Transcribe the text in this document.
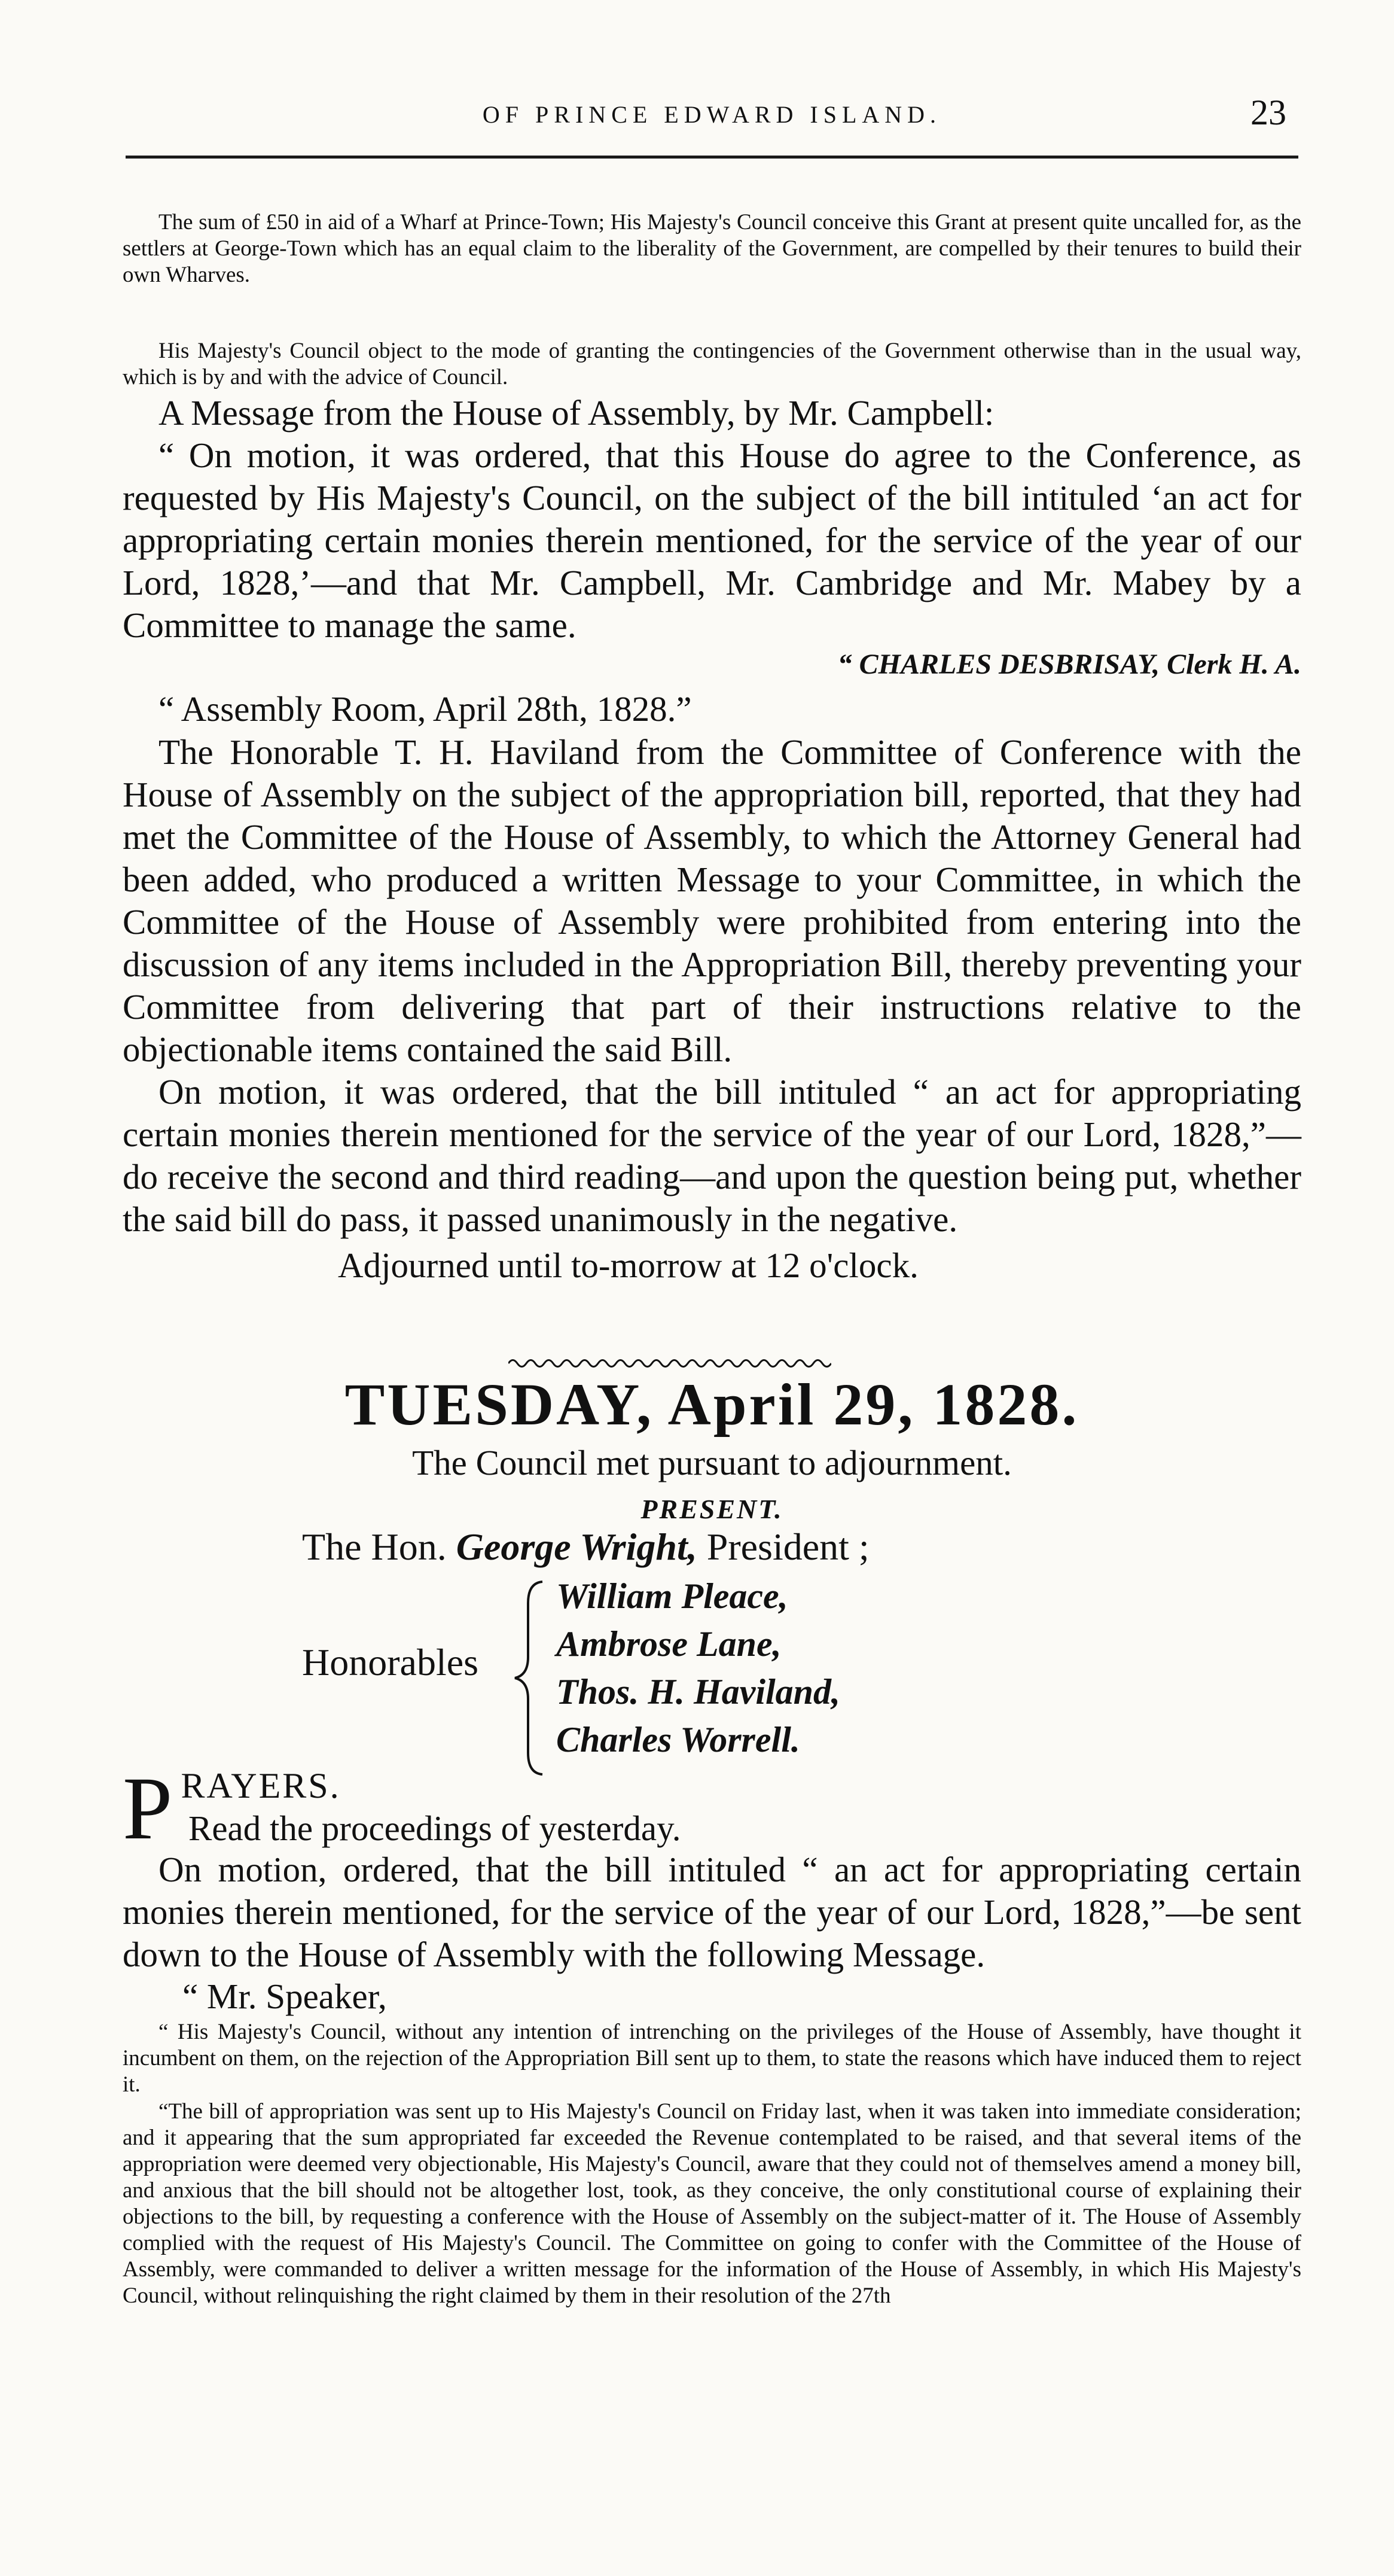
OF PRINCE EDWARD ISLAND.	23

The sum of £50 in aid of a Wharf at Prince-Town; His Majesty's Council conceive this Grant at present quite uncalled for, as the settlers at George-Town which has an equal claim to the liberality of the Government, are compelled by their tenures to build their own Wharves.

His Majesty's Council object to the mode of granting the contingencies of the Government otherwise than in the usual way, which is by and with the advice of Council.

A Message from the House of Assembly, by Mr. Campbell:

“ On motion, it was ordered, that this House do agree to the Conference, as requested by His Majesty's Council, on the subject of the bill intituled ‘an act for appropriating certain monies therein mentioned, for the service of the year of our Lord, 1828,’—and that Mr. Campbell, Mr. Cambridge and Mr. Mabey by a Committee to manage the same.

“ CHARLES DESBRISAY, Clerk H. A.

“ Assembly Room, April 28th, 1828.”

The Honorable T. H. Haviland from the Committee of Conference with the House of Assembly on the subject of the appropriation bill, reported, that they had met the Committee of the House of Assembly, to which the Attorney General had been added, who produced a written Message to your Committee, in which the Committee of the House of Assembly were prohibited from entering into the discussion of any items included in the Appropriation Bill, thereby preventing your Committee from delivering that part of their instructions relative to the objectionable items contained the said Bill.

On motion, it was ordered, that the bill intituled “ an act for appropriating certain monies therein mentioned for the service of the year of our Lord, 1828,”—do receive the second and third reading—and upon the question being put, whether the said bill do pass, it passed unanimously in the negative.

Adjourned until to-morrow at 12 o'clock.

TUESDAY, April 29, 1828.

The Council met pursuant to adjournment.

PRESENT.

The Hon. George Wright, President ;
Honorables
William Pleace,
Ambrose Lane,
Thos. H. Haviland,
Charles Worrell.
P RAYERS.
Read the proceedings of yesterday.

On motion, ordered, that the bill intituled “ an act for appropriating certain monies therein mentioned, for the service of the year of our Lord, 1828,”—be sent down to the House of Assembly with the following Message.

“ Mr. Speaker,

“ His Majesty's Council, without any intention of intrenching on the privileges of the House of Assembly, have thought it incumbent on them, on the rejection of the Appropriation Bill sent up to them, to state the reasons which have induced them to reject it.

“The bill of appropriation was sent up to His Majesty's Council on Friday last, when it was taken into immediate consideration; and it appearing that the sum appropriated far exceeded the Revenue contemplated to be raised, and that several items of the appropriation were deemed very objectionable, His Majesty's Council, aware that they could not of themselves amend a money bill, and anxious that the bill should not be altogether lost, took, as they conceive, the only constitutional course of explaining their objections to the bill, by requesting a conference with the House of Assembly on the subject-matter of it. The House of Assembly complied with the request of His Majesty's Council. The Committee on going to confer with the Committee of the House of Assembly, were commanded to deliver a written message for the information of the House of Assembly, in which His Majesty's Council, without relinquishing the right claimed by them in their resolution of the 27th
